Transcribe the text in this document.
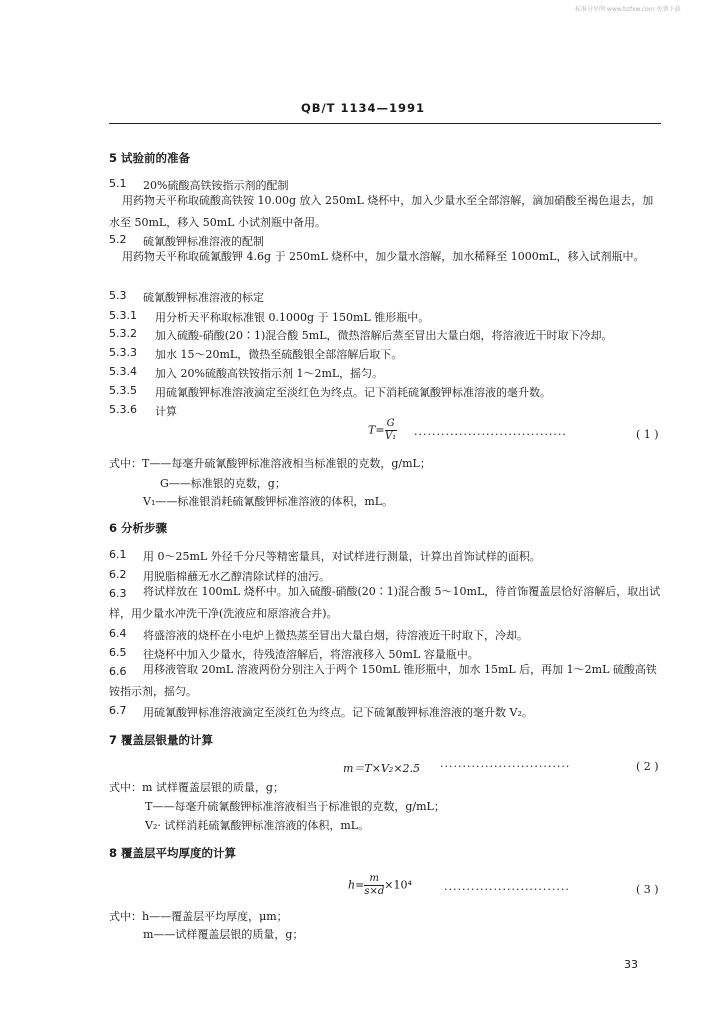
标准分享网 www.bzfxw.com 免费下载
QB/T 1134—1991
5 试验前的准备
5.1 20%硫酸高铁铵指示剂的配制
用药物天平称取硫酸高铁铵 10.00g 放入 250mL 烧杯中，加入少量水至全部溶解，滴加硝酸至褐色退去，加水至 50mL，移入 50mL 小试剂瓶中备用。
5.2 硫氰酸钾标准溶液的配制
用药物天平称取硫氰酸钾 4.6g 于 250mL 烧杯中，加少量水溶解，加水稀释至 1000mL，移入试剂瓶中。
5.3 硫氰酸钾标准溶液的标定
5.3.1 用分析天平称取标准银 0.1000g 于 150mL 锥形瓶中。
5.3.2 加入硫酸-硝酸(20∶1)混合酸 5mL，微热溶解后蒸至冒出大量白烟，将溶液近干时取下冷却。
5.3.3 加水 15～20mL，微热至硫酸银全部溶解后取下。
5.3.4 加入 20%硫酸高铁铵指示剂 1～2mL，摇匀。
5.3.5 用硫氰酸钾标准溶液滴定至淡红色为终点。记下消耗硫氰酸钾标准溶液的毫升数。
5.3.6 计算
$T= \frac{G}{\text{V₁}}$ ··································	( 1 )
式中：T——每毫升硫氰酸钾标准溶液相当标准银的克数，g/mL；
G——标准银的克数，g；
V₁——标准银消耗硫氰酸钾标准溶液的体积，mL。
6 分析步骤
6.1 用 0～25mL 外径千分尺等精密量具，对试样进行测量，计算出首饰试样的面积。
6.2 用脱脂棉蘸无水乙醇清除试样的油污。
6.3	将试样放在 100mL 烧杯中。加入硫酸-硝酸(20∶1)混合酸 5～10mL，待首饰覆盖层恰好溶解后，取出试样，用少量水冲洗干净(洗液应和原溶液合并)。
6.4 将盛溶液的烧杯在小电炉上微热蒸至冒出大量白烟，待溶液近干时取下，冷却。
6.5 往烧杯中加入少量水，待残渣溶解后，将溶液移入 50mL 容量瓶中。
6.6	用移液管取 20mL 溶液两份分别注入于两个 150mL 锥形瓶中，加水 15mL 后，再加 1～2mL 硫酸高铁铵指示剂，摇匀。
6.7 用硫氰酸钾标准溶液滴定至淡红色为终点。记下硫氰酸钾标准溶液的毫升数 V₂。
7 覆盖层银量的计算
m＝T×V₂×2.5 ·····························	( 2 )
式中：m 试样覆盖层银的质量，g；
T——每毫升硫氰酸钾标准溶液相当于标准银的克数，g/mL；
V₂· 试样消耗硫氰酸钾标准溶液的体积，mL。
8 覆盖层平均厚度的计算
$h= \frac{m}{s\times d} \times 10^4$	····························	( 3 )
式中：h——覆盖层平均厚度，μm；
m——试样覆盖层银的质量，g；
33
